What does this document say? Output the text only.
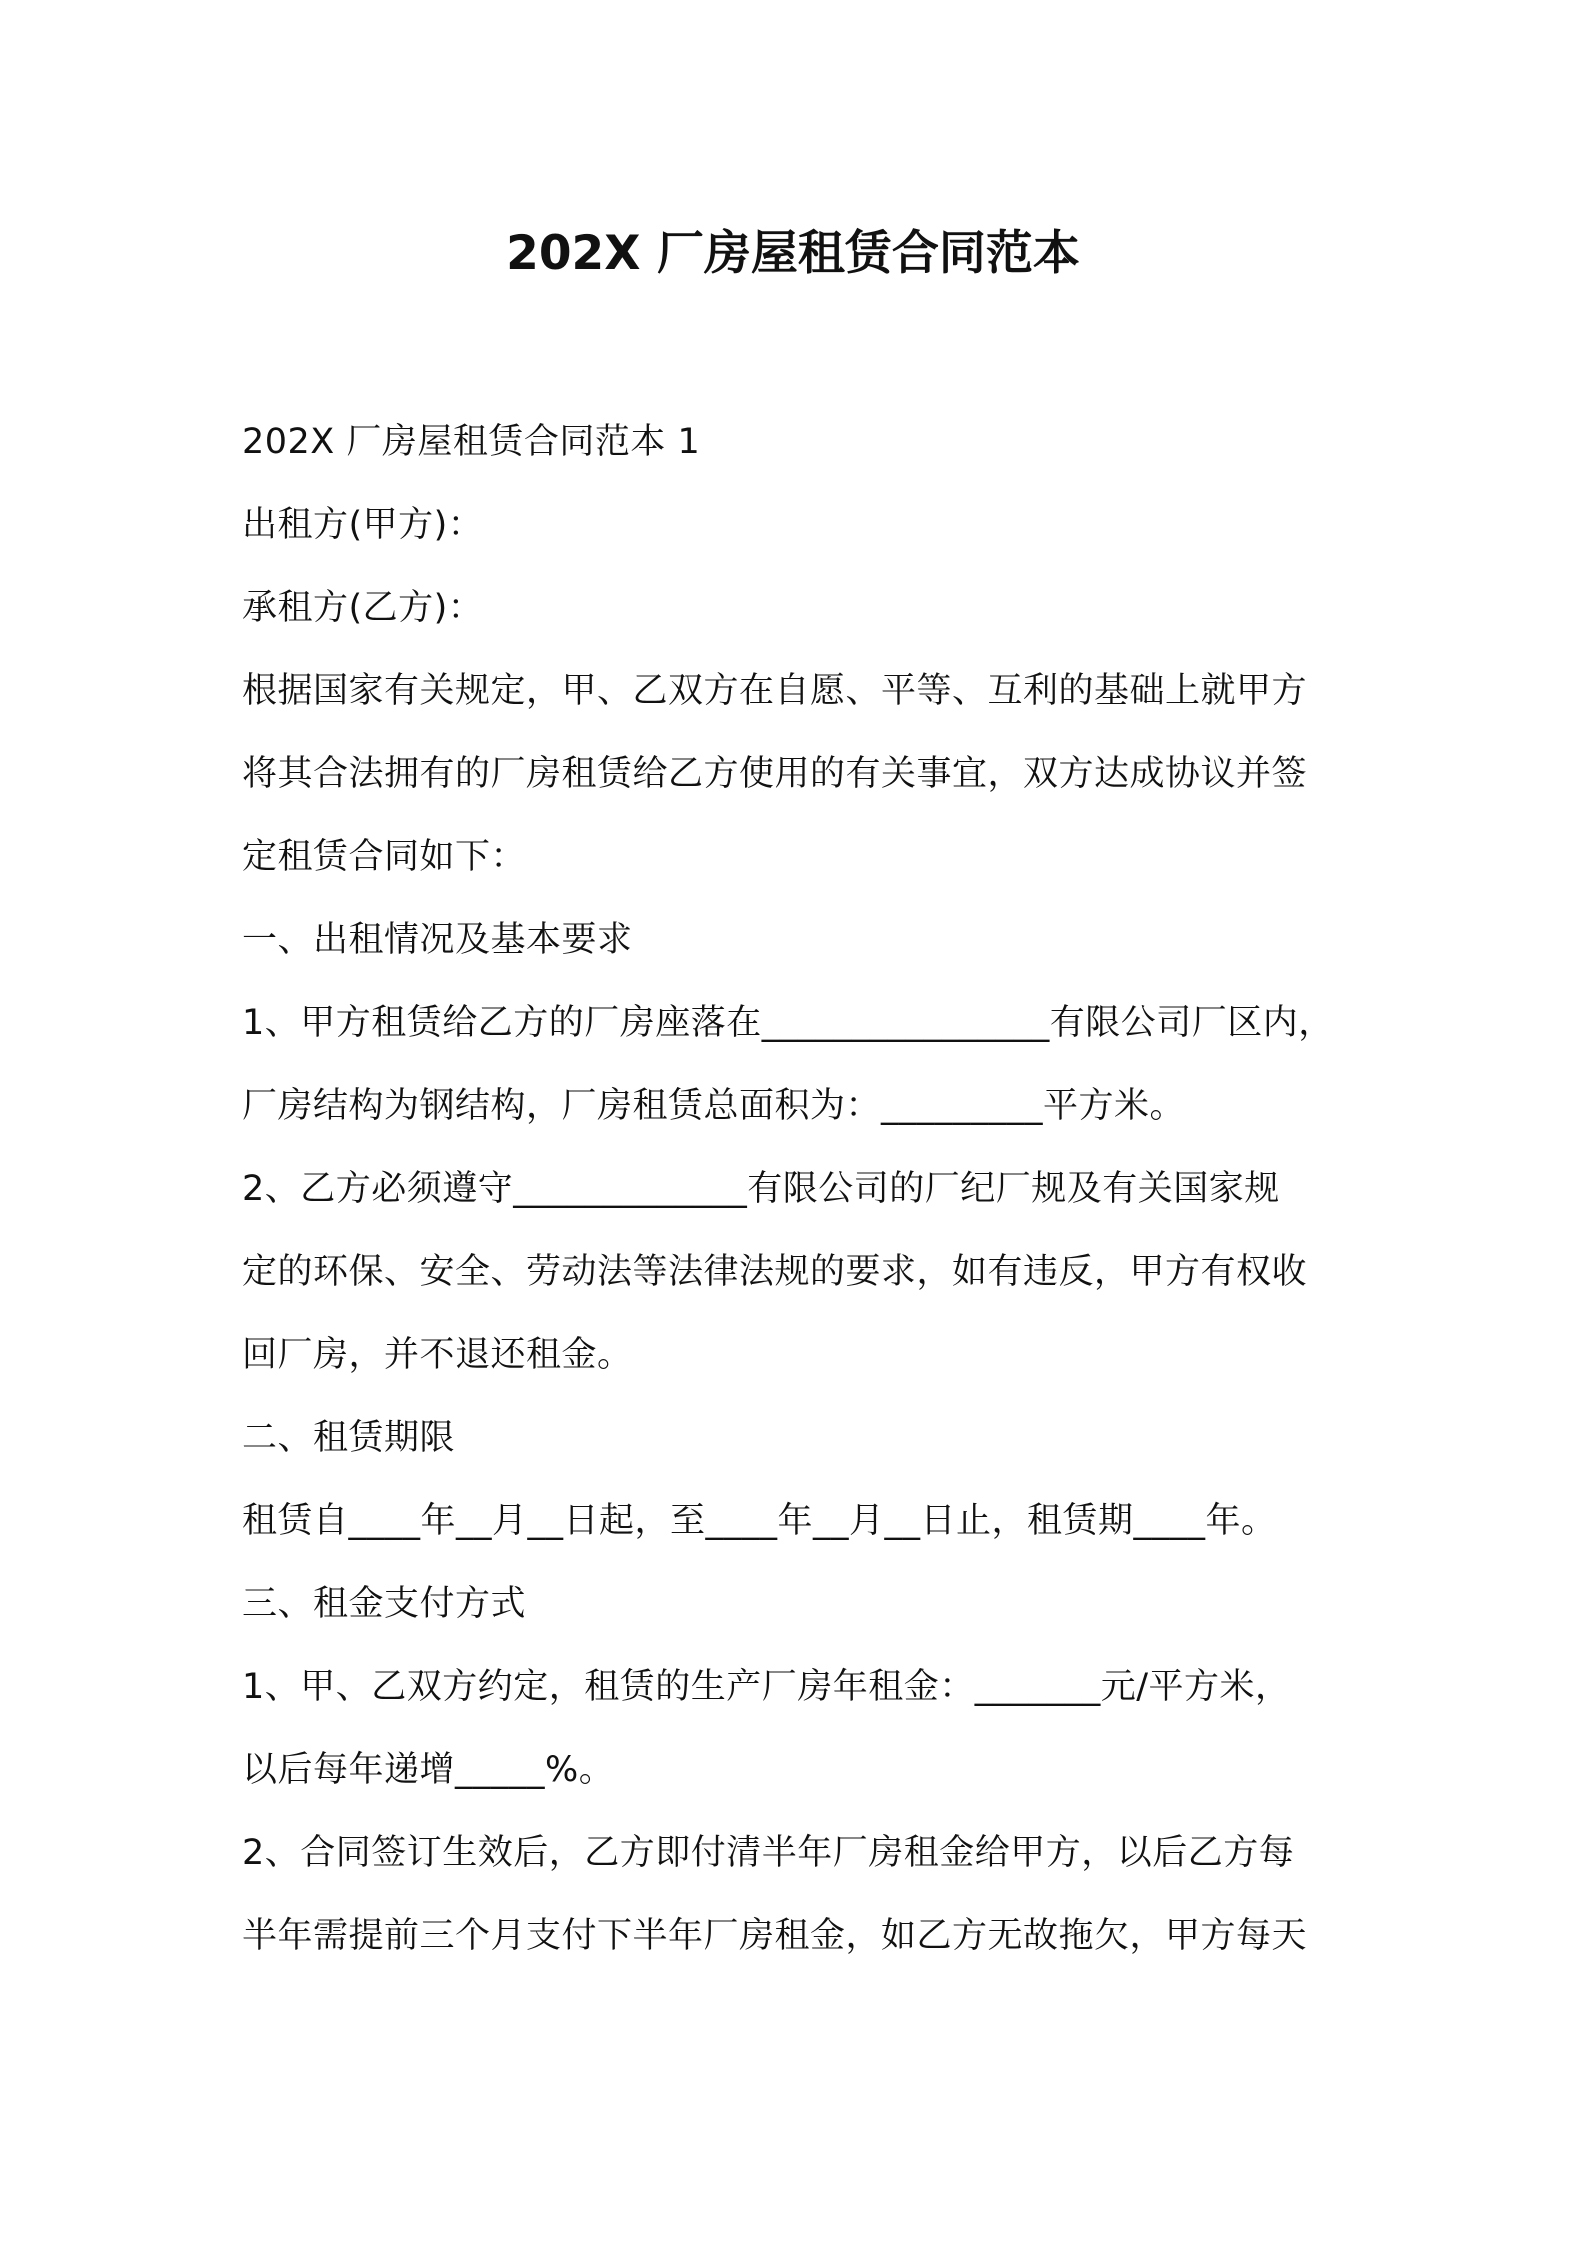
202X 厂房屋租赁合同范本
202X 厂房屋租赁合同范本 1
出租方(甲方)：
承租方(乙方)：
根据国家有关规定，甲、乙双方在自愿、平等、互利的基础上就甲方
将其合法拥有的厂房租赁给乙方使用的有关事宜，双方达成协议并签
定租赁合同如下：
一、出租情况及基本要求
1、甲方租赁给乙方的厂房座落在________________有限公司厂区内，
厂房结构为钢结构，厂房租赁总面积为：_________平方米。
2、乙方必须遵守_____________有限公司的厂纪厂规及有关国家规
定的环保、安全、劳动法等法律法规的要求，如有违反，甲方有权收
回厂房，并不退还租金。
二、租赁期限
租赁自____年__月__日起，至____年__月__日止，租赁期____年。
三、租金支付方式
1、甲、乙双方约定，租赁的生产厂房年租金：_______元/平方米，
以后每年递增_____%。
2、合同签订生效后，乙方即付清半年厂房租金给甲方，以后乙方每
半年需提前三个月支付下半年厂房租金，如乙方无故拖欠，甲方每天
